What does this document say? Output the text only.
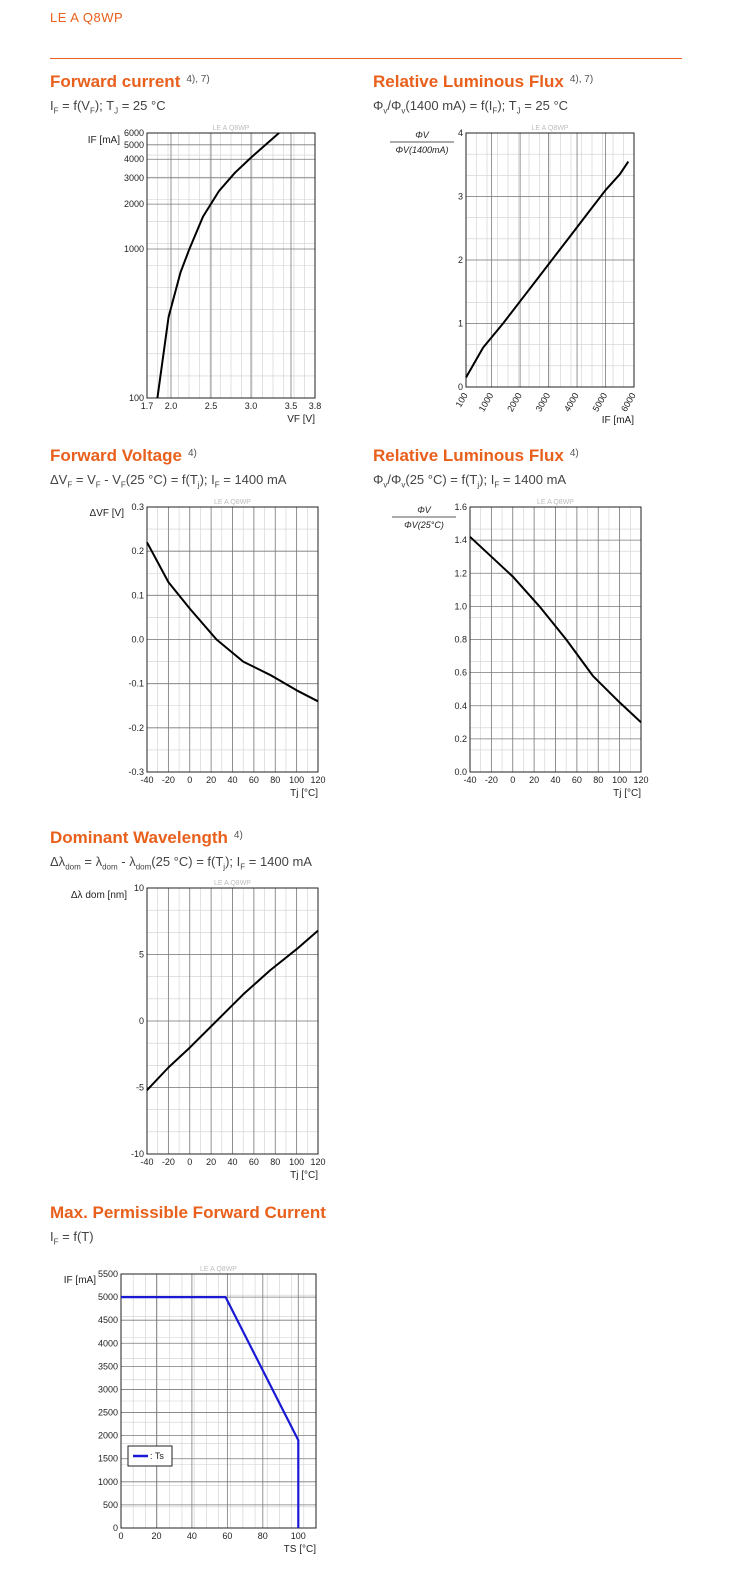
LE A Q8WP
Forward current $^{4), 7)}$
$I_F = f(V_F)$; $T_J = 25$ °C
Relative Luminous Flux $^{4), 7)}$
$\Phi_v/\Phi_v(1400$ $mA) = f(I_F)$; $T_J = 25$ °C
Forward Voltage $^{4)}$
$\Delta V_F = V_F - V_F(25$ $^\circ C) = f(T_j)$; $I_F = 1400$ mA
Relative Luminous Flux $^{4)}$
$\Phi_v/\Phi_v(25$ $^\circ C) = f(T_j)$; $I_F = 1400$ mA
Dominant Wavelength $^{4)}$
$\Delta\lambda_{dom} = \lambda_{dom} - \lambda_{dom}(25$ $^\circ C) = f(T_j)$; $I_F = 1400$ mA
Max. Permissible Forward Current
$I_F = f(T)$
LE A Q8WP
1.7 2.0	2.5	3.0	3.5 3.8
100
1000
2000
3000
4000
5000
6000
VF [V]
IF [mA]
LE A Q8WP
100 1000 2000 3000 4000 5000 6000
0
1
2
3
4
IF [mA]
ΦV
ΦV(1400mA)
LE A Q8WP
-40 -20 0 20 40 60 80 100 120
-0.3
-0.2
-0.1
0.0
0.1
0.2
0.3
Tj [°C]
ΔVF [V]
LE A Q8WP
-40 -20 0 20 40 60 80 100 120
0.0
0.2
0.4
0.6
0.8
1.0
1.2
1.4
1.6
Tj [°C]
ΦV
ΦV(25°C)
LE A Q8WP
-40 -20 0 20 40 60 80 100 120
-10
-5
0
5
10
Tj [°C]
Δλ dom [nm]
LE A Q8WP
0	20	40	60	80	100
0
500
1000
1500
2000
2500
3000
3500
4000
4500
5000
5500
TS [°C]
IF [mA]
: Ts
